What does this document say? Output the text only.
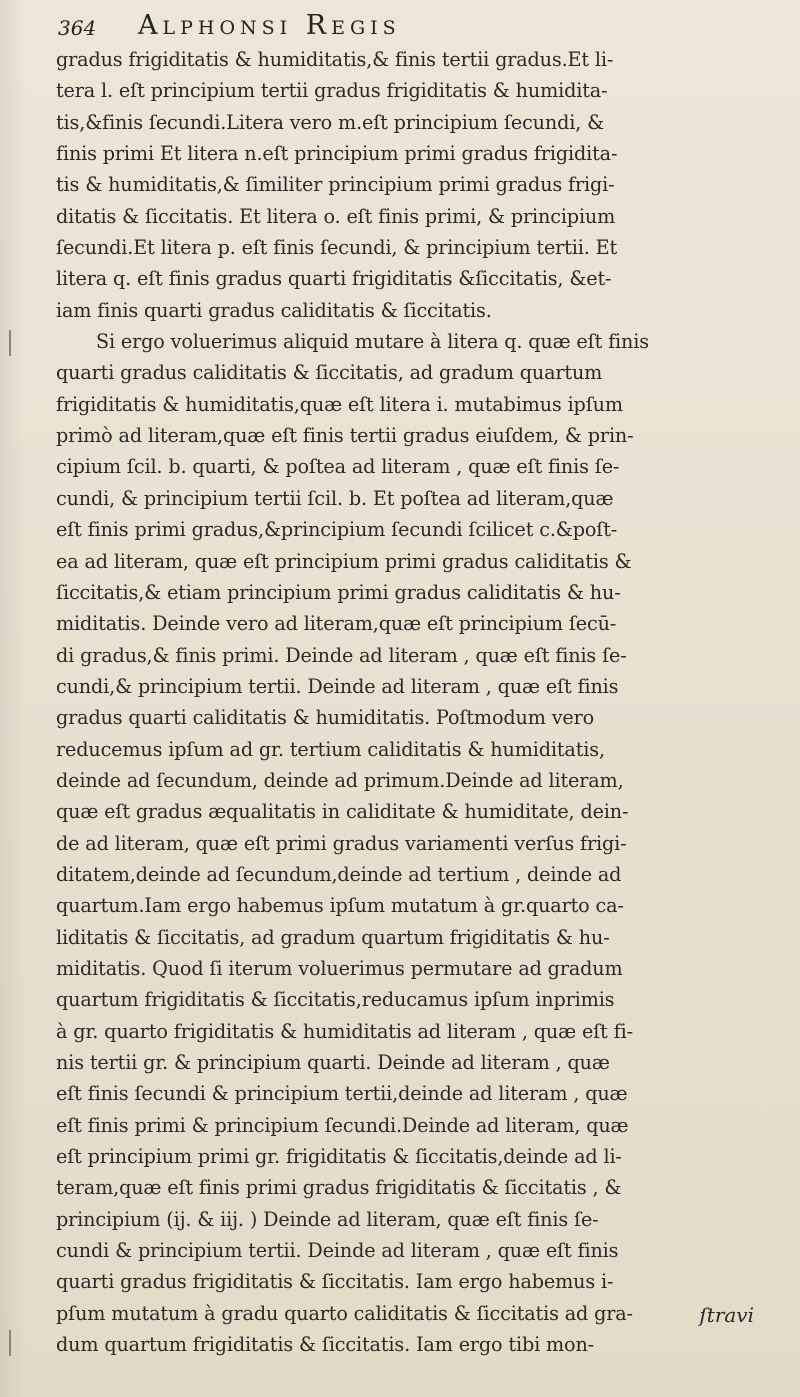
364 Alphonsi Regis

gradus frigiditatis & humiditatis,& finis tertii gradus.Et li-
tera l. eſt principium tertii gradus frigiditatis & humidita-
tis,&finis ſecundi.Litera vero m.eſt principium ſecundi, &
finis primi Et litera n.eſt principium primi gradus frigidita-
tis & humiditatis,& ſimiliter principium primi gradus frigi-
ditatis & ſiccitatis. Et litera o. eſt finis primi, & principium
ſecundi.Et litera p. eſt finis ſecundi, & principium tertii. Et
litera q. eſt finis gradus quarti frigiditatis &ſiccitatis, &et-
iam finis quarti gradus caliditatis & ſiccitatis.

Si ergo voluerimus aliquid mutare à litera q. quæ eſt finis
quarti gradus caliditatis & ſiccitatis, ad gradum quartum
frigiditatis & humiditatis,quæ eſt litera i. mutabimus ipſum
primò ad literam,quæ eſt finis tertii gradus eiuſdem, & prin-
cipium ſcil. b. quarti, & poſtea ad literam , quæ eſt finis ſe-
cundi, & principium tertii ſcil. b. Et poſtea ad literam,quæ
eſt finis primi gradus,&principium ſecundi ſcilicet c.&poſt-
ea ad literam, quæ eſt principium primi gradus caliditatis &
ſiccitatis,& etiam principium primi gradus caliditatis & hu-
miditatis. Deinde vero ad literam,quæ eſt principium ſecū-
di gradus,& finis primi. Deinde ad literam , quæ eſt finis ſe-
cundi,& principium tertii. Deinde ad literam , quæ eſt finis
gradus quarti caliditatis & humiditatis. Poſtmodum vero
reducemus ipſum ad gr. tertium caliditatis & humiditatis,
deinde ad ſecundum, deinde ad primum.Deinde ad literam,
quæ eſt gradus æqualitatis in caliditate & humiditate, dein-
de ad literam, quæ eſt primi gradus variamenti verſus frigi-
ditatem,deinde ad ſecundum,deinde ad tertium , deinde ad
quartum.Iam ergo habemus ipſum mutatum à gr.quarto ca-
liditatis & ſiccitatis, ad gradum quartum frigiditatis & hu-
miditatis. Quod ſi iterum voluerimus permutare ad gradum
quartum frigiditatis & ſiccitatis,reducamus ipſum inprimis
à gr. quarto frigiditatis & humiditatis ad literam , quæ eſt fi-
nis tertii gr. & principium quarti. Deinde ad literam , quæ
eſt finis ſecundi & principium tertii,deinde ad literam , quæ
eſt finis primi & principium ſecundi.Deinde ad literam, quæ
eſt principium primi gr. frigiditatis & ſiccitatis,deinde ad li-
teram,quæ eſt finis primi gradus frigiditatis & ſiccitatis , &
principium (ij. & iij. ) Deinde ad literam, quæ eſt finis ſe-
cundi & principium tertii. Deinde ad literam , quæ eſt finis
quarti gradus frigiditatis & ſiccitatis. Iam ergo habemus i-
pſum mutatum à gradu quarto caliditatis & ſiccitatis ad gra-
dum quartum frigiditatis & ſiccitatis. Iam ergo tibi mon-

ſtravi
